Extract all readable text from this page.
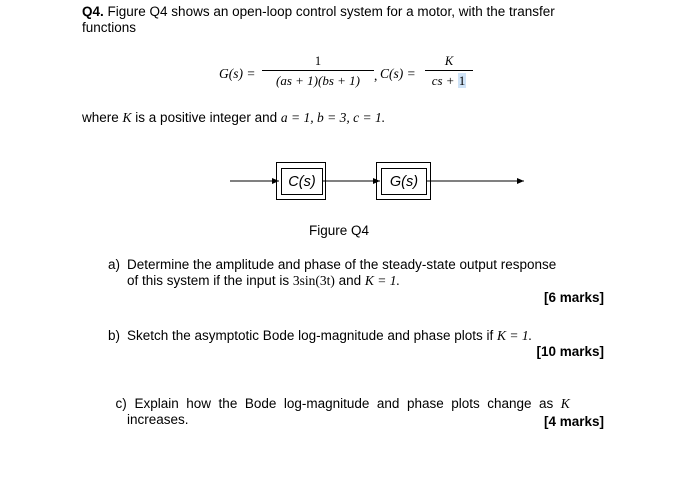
Q4. Figure Q4 shows an open-loop control system for a motor, with the transfer
functions
G(s) =
1
(as + 1)(bs + 1)	, C(s) =
K
cs + 1
where K is a positive integer and a = 1, b = 3, c = 1.
C(s)	G(s)
Figure Q4
a) Determine the amplitude and phase of the steady-state output response
of this system if the input is 3sin(3t) and K = 1.
[6 marks]
b) Sketch the asymptotic Bode log-magnitude and phase plots if K = 1.
[10 marks]

c) Explain  how  the  Bode  log-magnitude  and  phase  plots  change  as  K
increases.	[4 marks]
